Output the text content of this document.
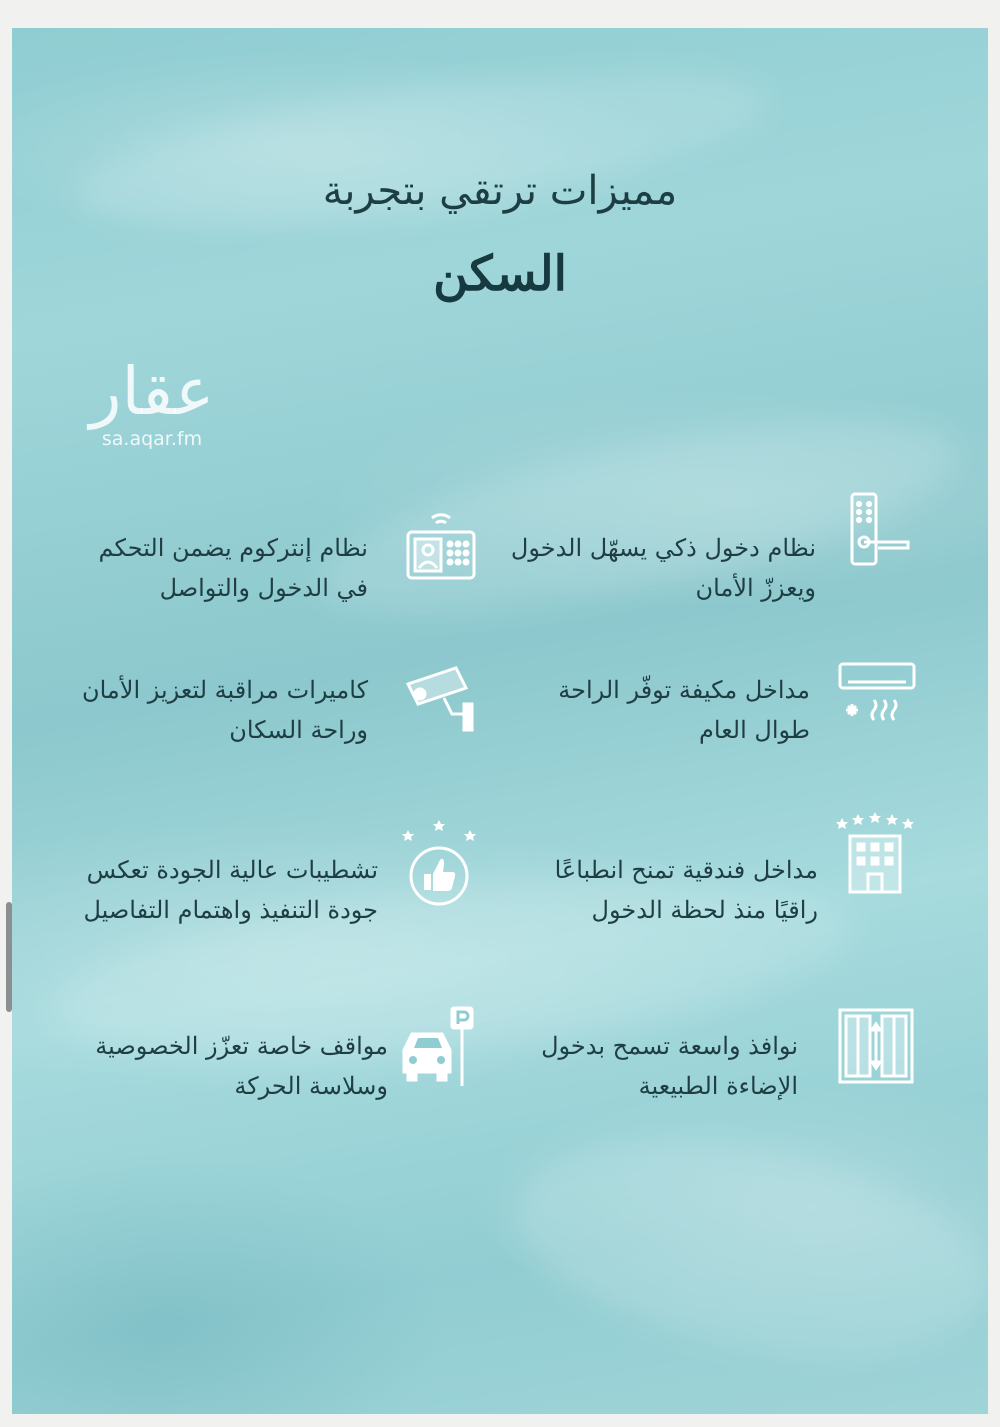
مميزات ترتقي بتجربة
السكن
عقار
sa.aqar.fm
نظام دخول ذكي يسهّل الدخول
ويعززّ الأمان
نظام إنتركوم يضمن التحكم
في الدخول والتواصل
مداخل مكيفة توفّر الراحة
طوال العام
كاميرات مراقبة لتعزيز الأمان
وراحة السكان
مداخل فندقية تمنح انطباعًا
راقيًا منذ لحظة الدخول
تشطيبات عالية الجودة تعكس
جودة التنفيذ واهتمام التفاصيل
نوافذ واسعة تسمح بدخول
الإضاءة الطبيعية
مواقف خاصة تعزّز الخصوصية
وسلاسة الحركة
